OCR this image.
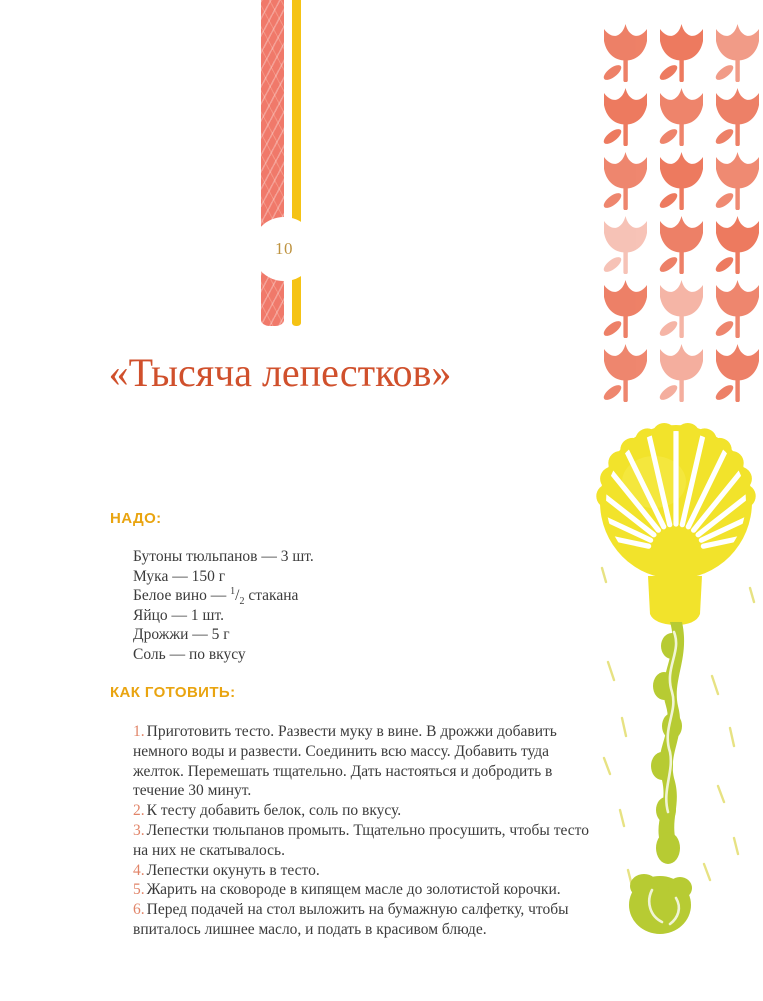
10
«Тысяча лепестков»
НАДО:
Бутоны тюльпанов — 3 шт.
Мука — 150 г
Белое вино — $^1/_2$ стакана
Яйцо — 1 шт.
Дрожжи — 5 г
Соль — по вкусу
КАК ГОТОВИТЬ:

1. Приготовить тесто. Развести муку в вине. В дрожжи добавить немного воды и развести. Соединить всю массу. Добавить туда желток. Перемешать тщательно. Дать настояться и добродить в течение 30 минут.

2. К тесту добавить белок, соль по вкусу.

3. Лепестки тюльпанов промыть. Тщательно просушить, чтобы тесто на них не скатывалось.

4. Лепестки окунуть в тесто.

5. Жарить на сковороде в кипящем масле до золотистой корочки.

6. Перед подачей на стол выложить на бумажную салфетку, чтобы впиталось лишнее масло, и подать в красивом блюде.
